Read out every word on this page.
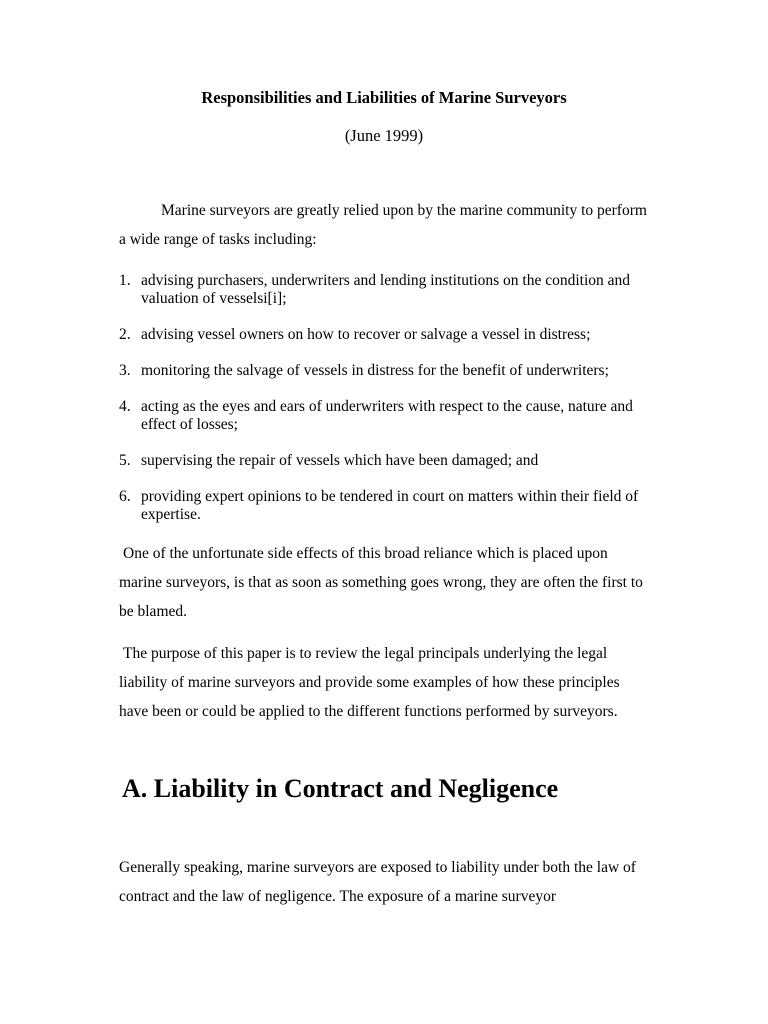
Responsibilities and Liabilities of Marine Surveyors
(June 1999)

Marine surveyors are greatly relied upon by the marine community to perform a wide range of tasks including:

1. advising purchasers, underwriters and lending institutions on the condition and valuation of vesselsi[i];
2. advising vessel owners on how to recover or salvage a vessel in distress;
3. monitoring the salvage of vessels in distress for the benefit of underwriters;
4. acting as the eyes and ears of underwriters with respect to the cause, nature and effect of losses;
5. supervising the repair of vessels which have been damaged; and
6. providing expert opinions to be tendered in court on matters within their field of expertise.

One of the unfortunate side effects of this broad reliance which is placed upon marine surveyors, is that as soon as something goes wrong, they are often the first to be blamed.

The purpose of this paper is to review the legal principals underlying the legal liability of marine surveyors and provide some examples of how these principles have been or could be applied to the different functions performed by surveyors.

A. Liability in Contract and Negligence

Generally speaking, marine surveyors are exposed to liability under both the law of contract and the law of negligence. The exposure of a marine surveyor
